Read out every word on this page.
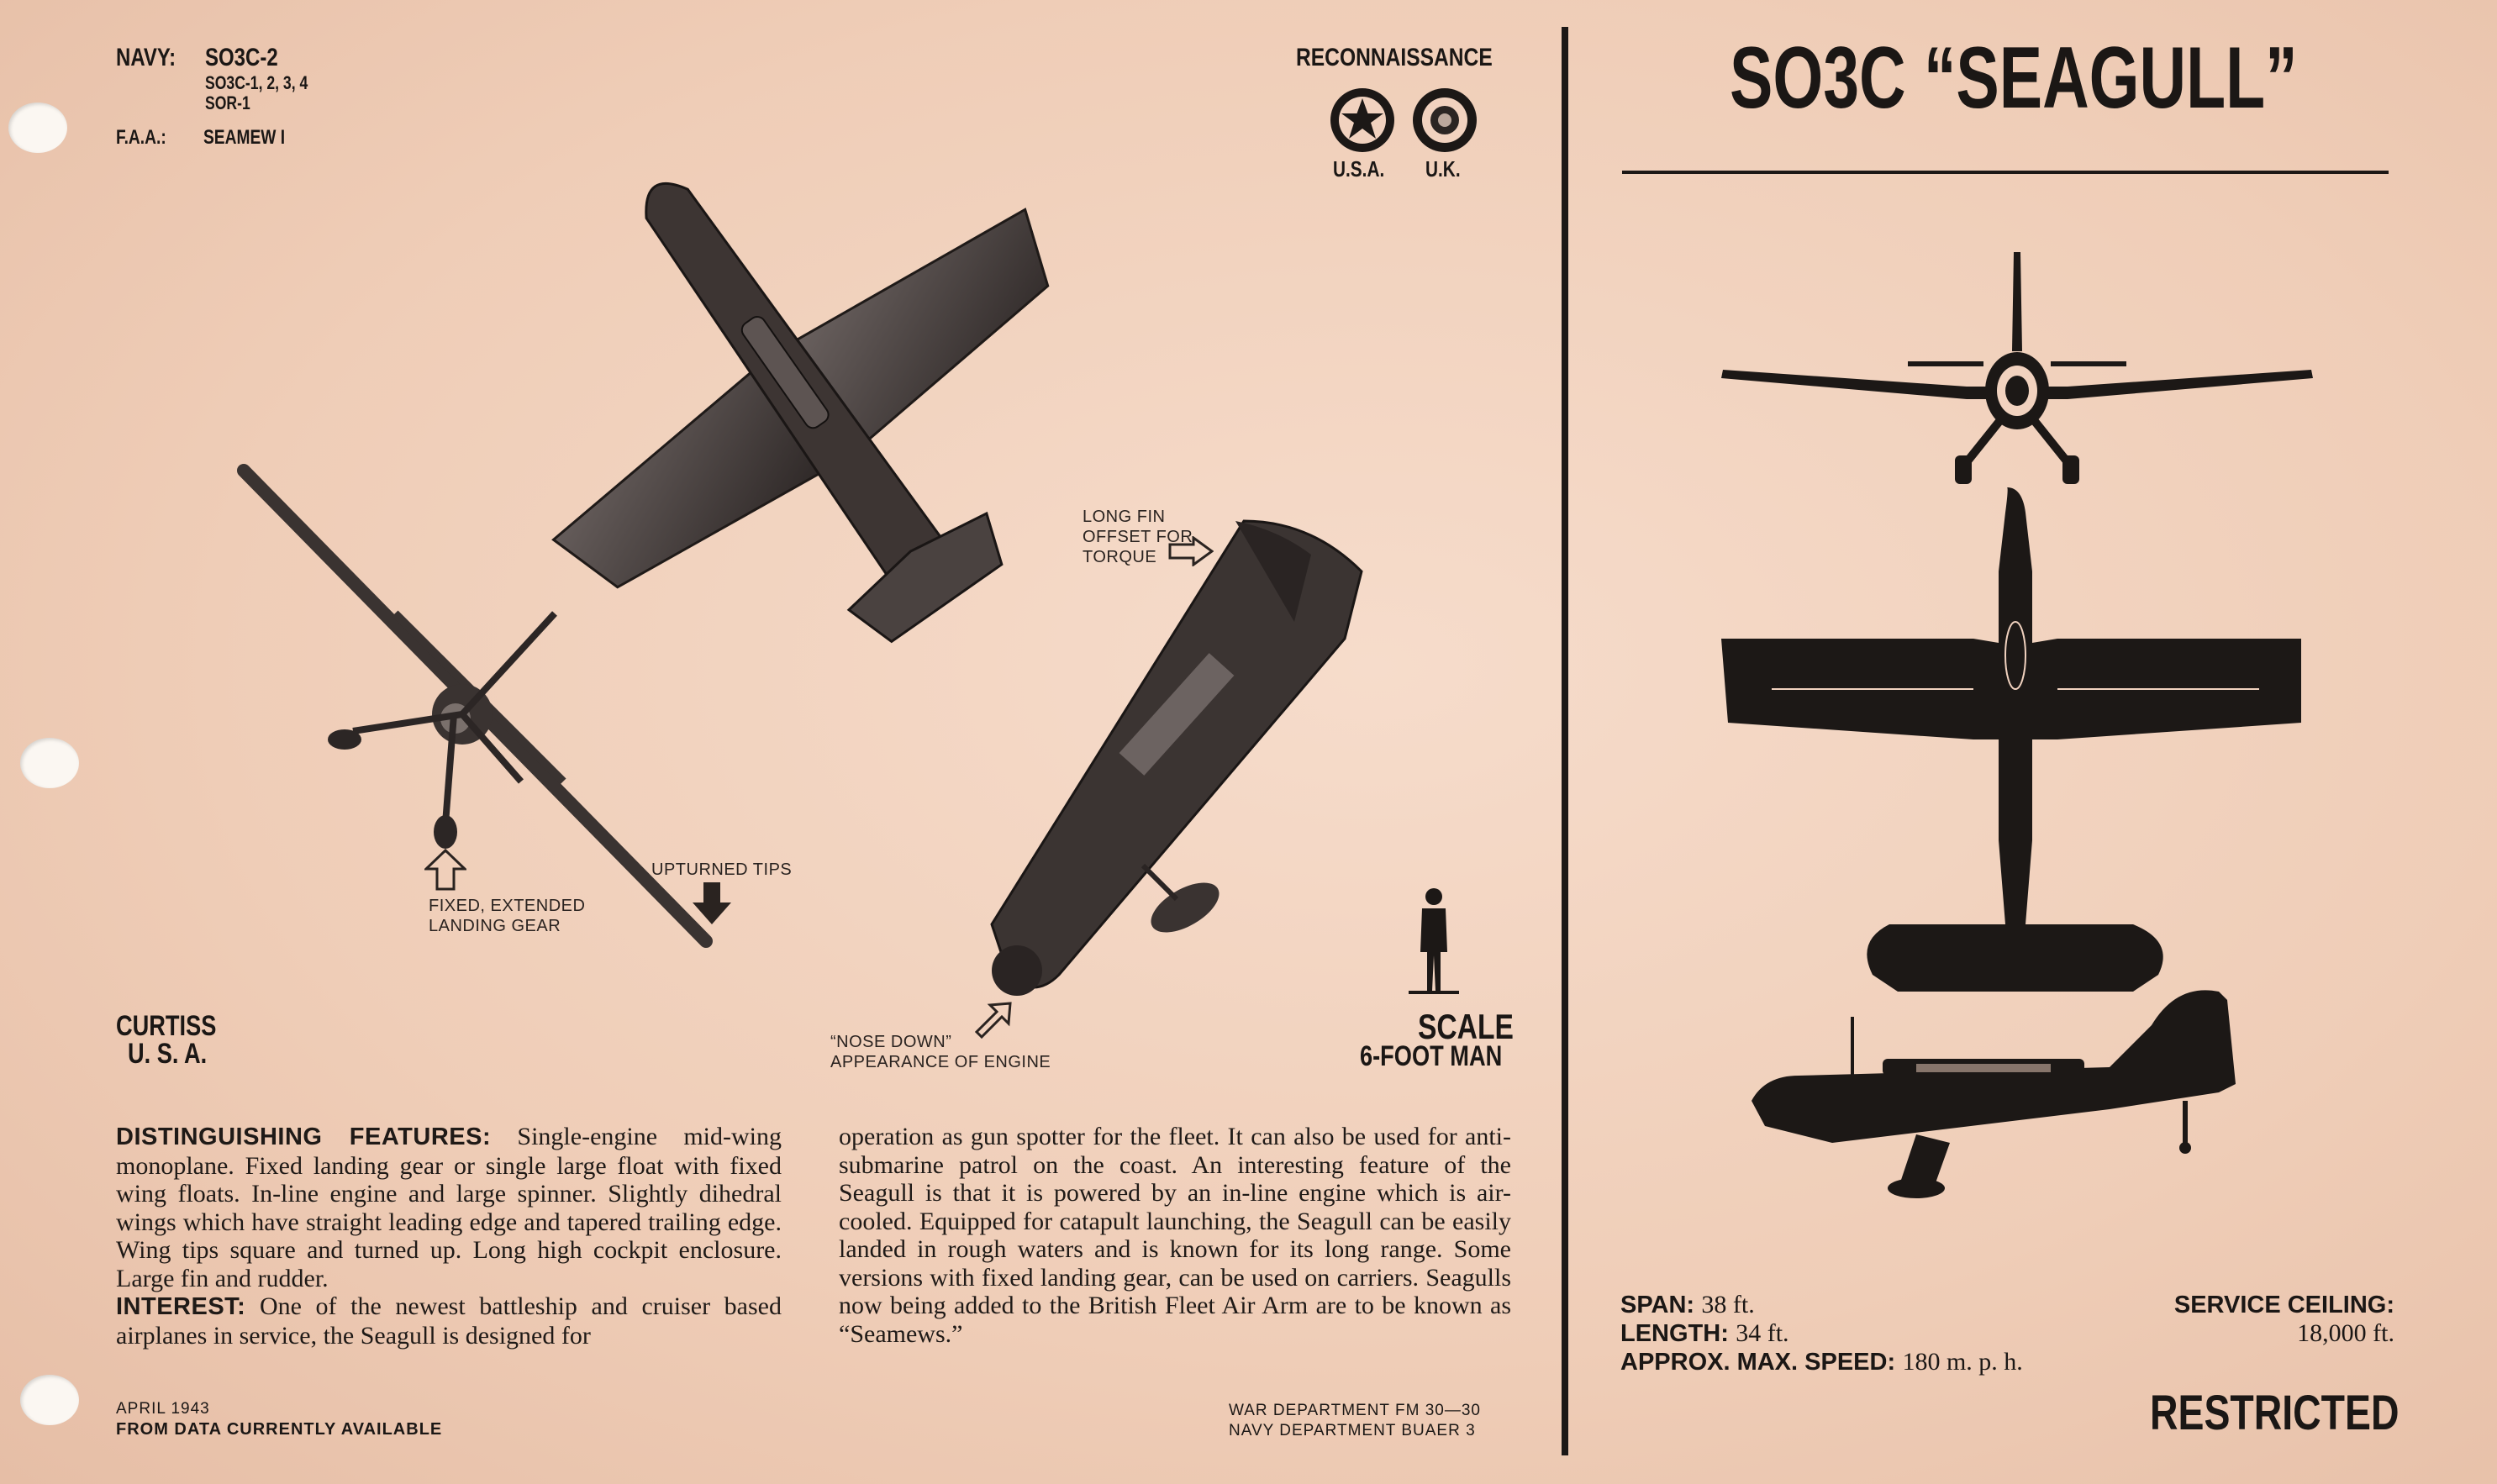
NAVY: SO3C-2
SO3C-1, 2, 3, 4
SOR-1
F.A.A.: SEAMEW I
RECONNAISSANCE
U.S.A. U.K.
SO3C “SEAGULL”
LONG FIN
OFFSET FOR
TORQUE
UPTURNED TIPS
FIXED, EXTENDED
LANDING GEAR
“NOSE DOWN”
APPEARANCE OF ENGINE
CURTISS
U. S. A.
SCALE
6-FOOT MAN
DISTINGUISHING FEATURES: Single-engine mid-wing monoplane. Fixed landing gear or single large float with fixed wing floats. In-line engine and large spinner. Slightly dihedral wings which have straight leading edge and tapered trailing edge. Wing tips square and turned up. Long high cockpit enclosure. Large fin and rudder.
INTEREST: One of the newest battleship and cruiser based airplanes in service, the Seagull is designed for
operation as gun spotter for the fleet. It can also be used for anti-submarine patrol on the coast. An interesting feature of the Seagull is that it is powered by an in-line engine which is air-cooled. Equipped for catapult launching, the Seagull can be easily landed in rough waters and is known for its long range. Some versions with fixed landing gear, can be used on carriers. Seagulls now being added to the British Fleet Air Arm are to be known as “Seamews.”
APRIL 1943
FROM DATA CURRENTLY AVAILABLE
WAR DEPARTMENT FM 30—30
NAVY DEPARTMENT BUAER 3
SPAN: 38 ft.
LENGTH: 34 ft.
APPROX. MAX. SPEED: 180 m. p. h.
SERVICE CEILING:
18,000 ft.
RESTRICTED
